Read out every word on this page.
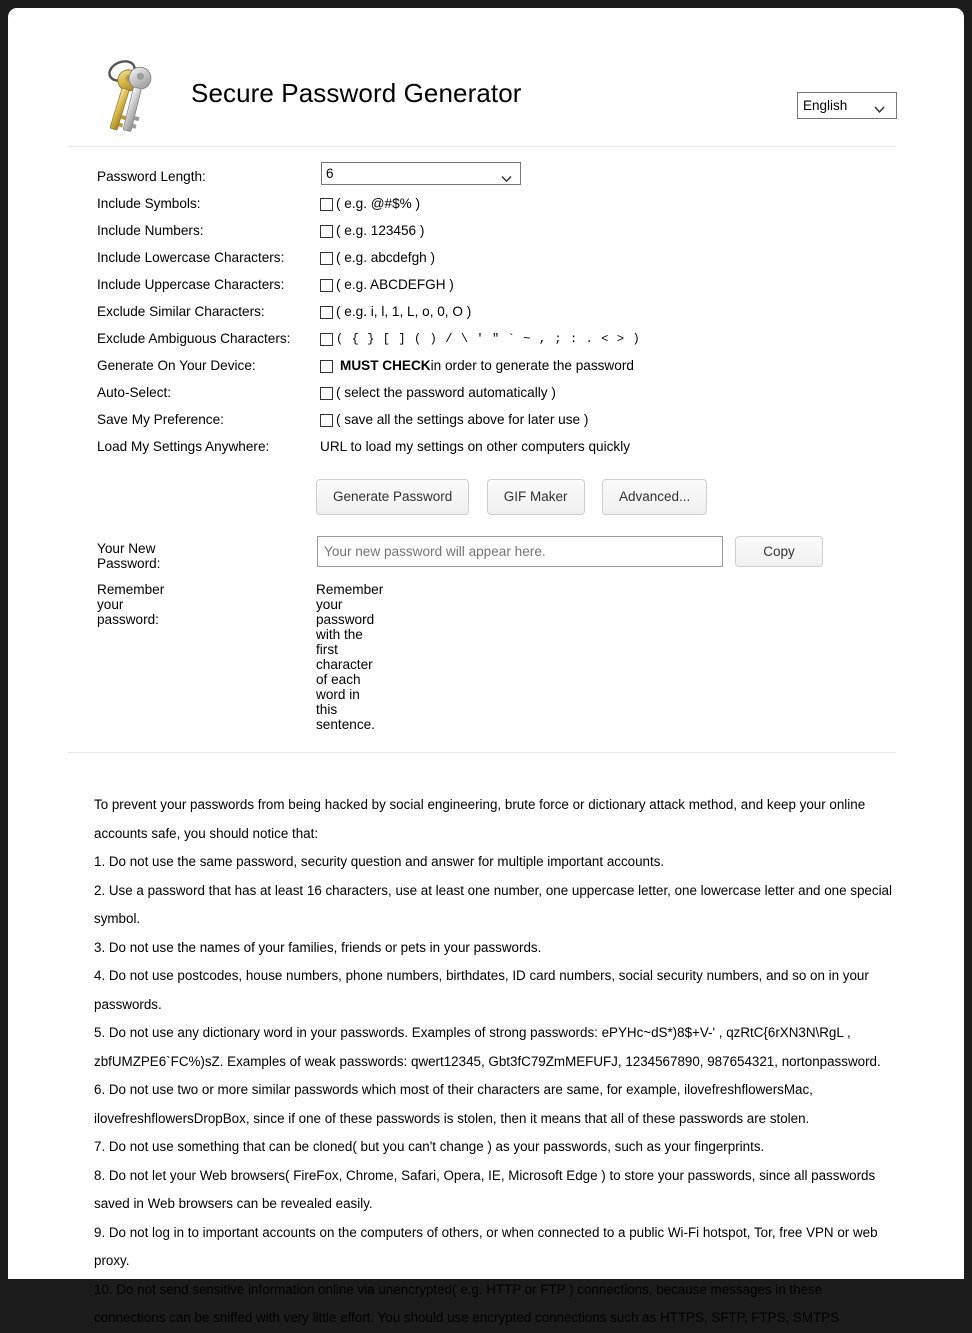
Secure Password Generator
English
Password Length:
6
Include Symbols:	( e.g. @#$% )
Include Numbers:	( e.g. 123456 )
Include Lowercase Characters:	( e.g. abcdefgh )
Include Uppercase Characters:	( e.g. ABCDEFGH )
Exclude Similar Characters:	( e.g. i, l, 1, L, o, 0, O )
Exclude Ambiguous Characters:	( { } [ ] ( ) / \ ' " ` ~ , ; : . < > )
Generate On Your Device:	MUST CHECK in order to generate the password
Auto-Select:	( select the password automatically )
Save My Preference:	( save all the settings above for later use )
Load My Settings Anywhere:	URL to load my settings on other computers quickly
Generate Password	GIF Maker	Advanced...
Your New Password:
Your new password will appear here.
Copy
Remember your password:
Remember your password with the first character of each word in this sentence.

To prevent your passwords from being hacked by social engineering, brute force or dictionary attack method, and keep your online accounts safe, you should notice that:

1. Do not use the same password, security question and answer for multiple important accounts.

2. Use a password that has at least 16 characters, use at least one number, one uppercase letter, one lowercase letter and one special symbol.

3. Do not use the names of your families, friends or pets in your passwords.

4. Do not use postcodes, house numbers, phone numbers, birthdates, ID card numbers, social security numbers, and so on in your passwords.

5. Do not use any dictionary word in your passwords. Examples of strong passwords: ePYHc~dS*)8$+V-' , qzRtC{6rXN3N\RgL , zbfUMZPE6`FC%)sZ. Examples of weak passwords: qwert12345, Gbt3fC79ZmMEFUFJ, 1234567890, 987654321, nortonpassword.

6. Do not use two or more similar passwords which most of their characters are same, for example, ilovefreshflowersMac, ilovefreshflowersDropBox, since if one of these passwords is stolen, then it means that all of these passwords are stolen.

7. Do not use something that can be cloned( but you can't change ) as your passwords, such as your fingerprints.

8. Do not let your Web browsers( FireFox, Chrome, Safari, Opera, IE, Microsoft Edge ) to store your passwords, since all passwords saved in Web browsers can be revealed easily.

9. Do not log in to important accounts on the computers of others, or when connected to a public Wi-Fi hotspot, Tor, free VPN or web proxy.

10. Do not send sensitive information online via unencrypted( e.g. HTTP or FTP ) connections, because messages in these connections can be sniffed with very little effort. You should use encrypted connections such as HTTPS, SFTP, FTPS, SMTPS
